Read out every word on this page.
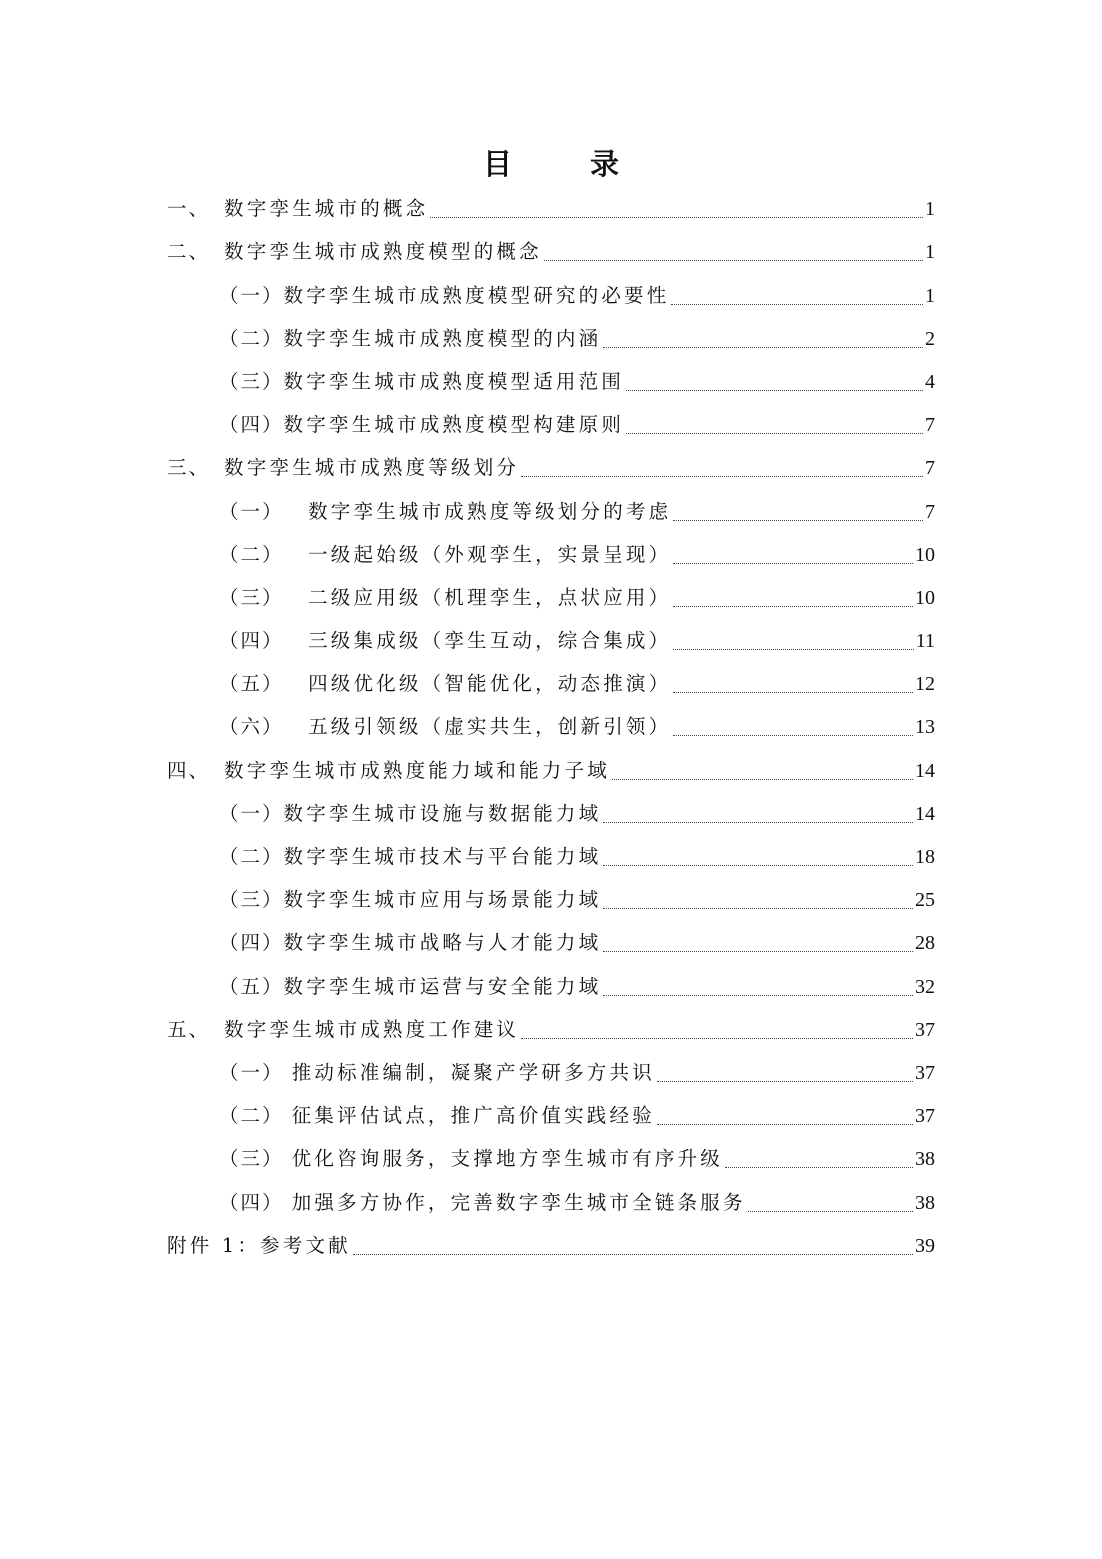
目 录
一、 数字孪生城市的概念	1
二、 数字孪生城市成熟度模型的概念	1
（一） 数字孪生城市成熟度模型研究的必要性	1
（二） 数字孪生城市成熟度模型的内涵	2
（三） 数字孪生城市成熟度模型适用范围	4
（四） 数字孪生城市成熟度模型构建原则	7
三、 数字孪生城市成熟度等级划分	7
（一） 数字孪生城市成熟度等级划分的考虑	7
（二） 一级起始级（外观孪生，实景呈现）	10
（三） 二级应用级（机理孪生，点状应用）	10
（四） 三级集成级（孪生互动，综合集成）	11
（五） 四级优化级（智能优化，动态推演）	12
（六） 五级引领级（虚实共生，创新引领）	13
四、 数字孪生城市成熟度能力域和能力子域	14
（一） 数字孪生城市设施与数据能力域	14
（二） 数字孪生城市技术与平台能力域	18
（三） 数字孪生城市应用与场景能力域	25
（四） 数字孪生城市战略与人才能力域	28
（五） 数字孪生城市运营与安全能力域	32
五、 数字孪生城市成熟度工作建议	37
（一） 推动标准编制，凝聚产学研多方共识	37
（二） 征集评估试点，推广高价值实践经验	37
（三） 优化咨询服务，支撑地方孪生城市有序升级	38
（四） 加强多方协作，完善数字孪生城市全链条服务	38
附件 1：参考文献	39
